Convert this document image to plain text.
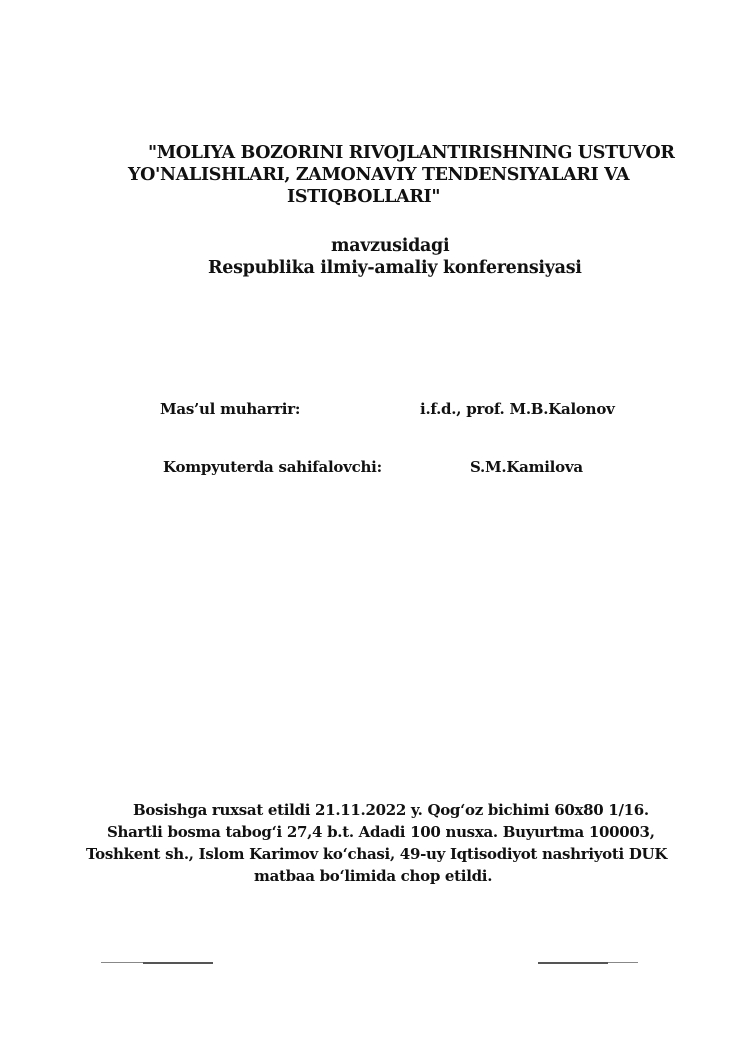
"MOLIYA BOZORINI RIVOJLANTIRISHNING USTUVOR
YO'NALISHLARI, ZAMONAVIY TENDENSIYALARI VA
ISTIQBOLLARI"
mavzusidagi
Respublika ilmiy-amaliy konferensiyasi
Mas’ul muharrir:	i.f.d., prof. M.B.Kalonov
Kompyuterda sahifalovchi:	S.M.Kamilova
Bosishga ruxsat etildi 21.11.2022 y. Qog‘oz bichimi 60x80 1/16.
Shartli bosma tabog‘i 27,4 b.t. Adadi 100 nusxa. Buyurtma 100003,
Toshkent sh., Islom Karimov ko‘chasi, 49-uy Iqtisodiyot nashriyoti DUK
matbaa bo‘limida chop etildi.
